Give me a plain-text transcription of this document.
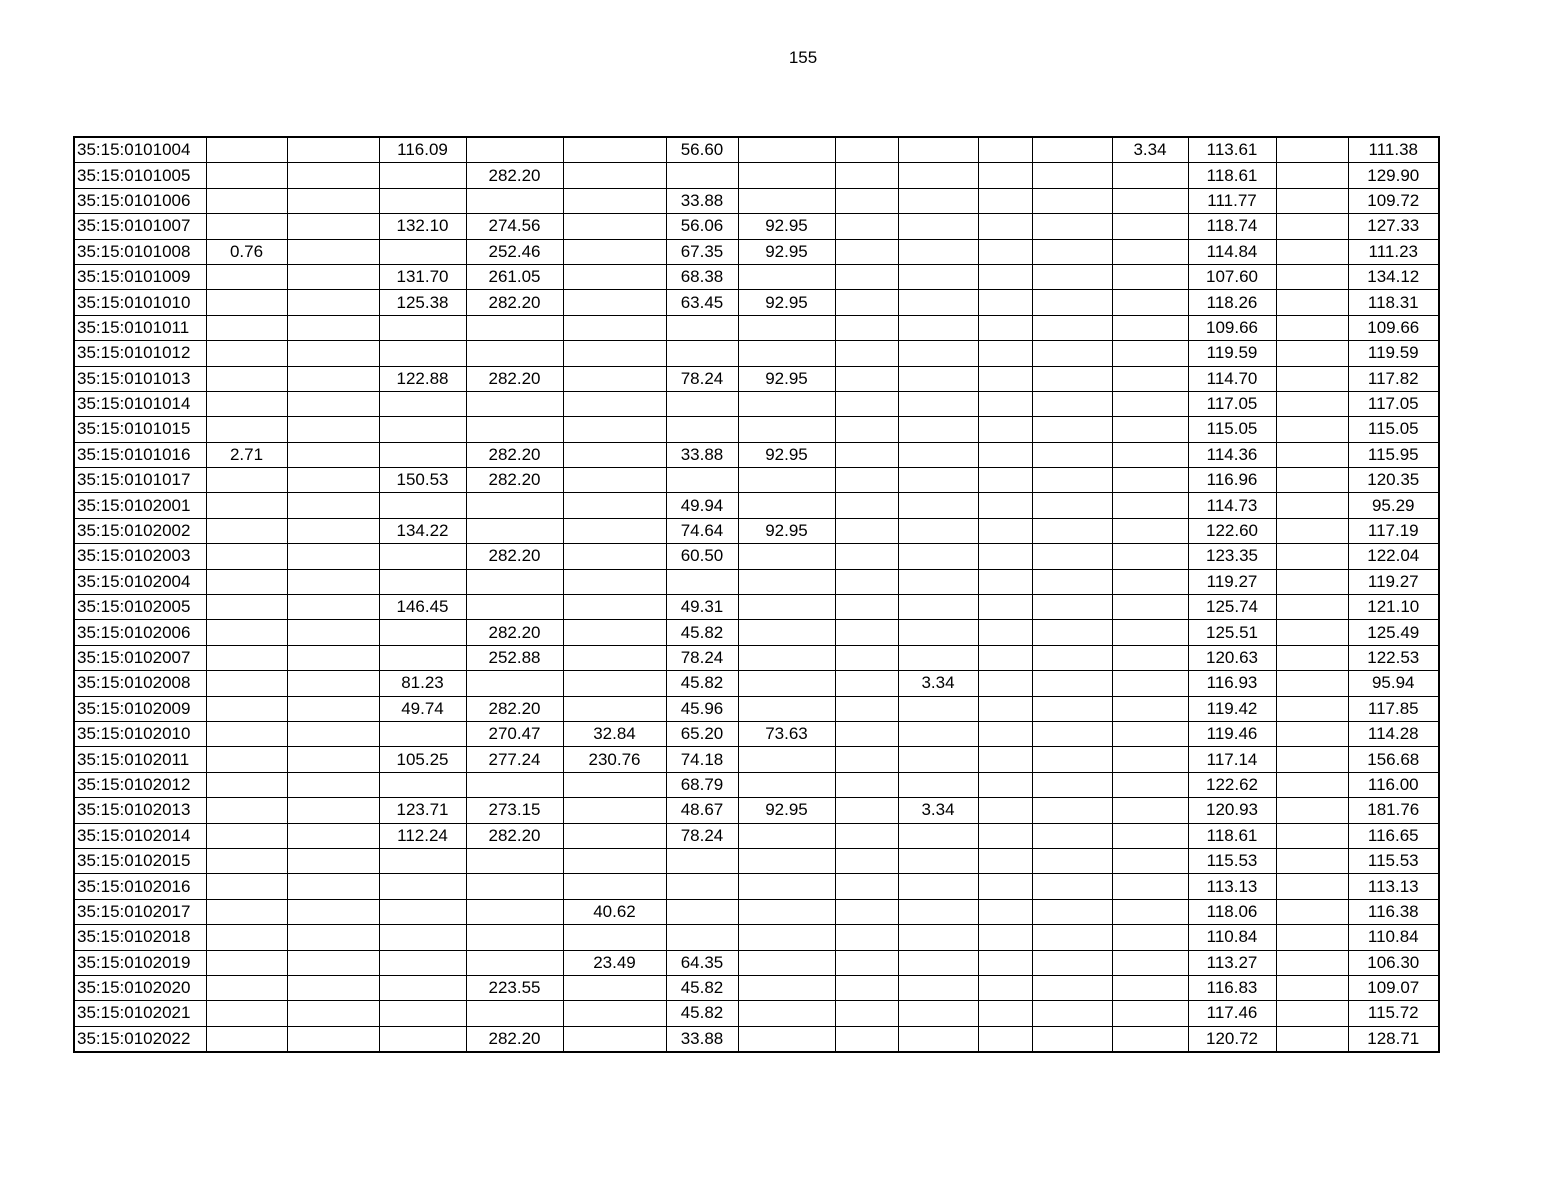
155
35:15:0101004			116.09			56.60						3.34	113.61		111.38
35:15:0101005				282.20									118.61		129.90
35:15:0101006						33.88							111.77		109.72
35:15:0101007			132.10	274.56		56.06	92.95						118.74		127.33
35:15:0101008	0.76			252.46		67.35	92.95						114.84		111.23
35:15:0101009			131.70	261.05		68.38							107.60		134.12
35:15:0101010			125.38	282.20		63.45	92.95						118.26		118.31
35:15:0101011													109.66		109.66
35:15:0101012													119.59		119.59
35:15:0101013			122.88	282.20		78.24	92.95						114.70		117.82
35:15:0101014													117.05		117.05
35:15:0101015													115.05		115.05
35:15:0101016	2.71			282.20		33.88	92.95						114.36		115.95
35:15:0101017			150.53	282.20									116.96		120.35
35:15:0102001						49.94							114.73		95.29
35:15:0102002			134.22			74.64	92.95						122.60		117.19
35:15:0102003				282.20		60.50							123.35		122.04
35:15:0102004													119.27		119.27
35:15:0102005			146.45			49.31							125.74		121.10
35:15:0102006				282.20		45.82							125.51		125.49
35:15:0102007				252.88		78.24							120.63		122.53
35:15:0102008			81.23			45.82			3.34				116.93		95.94
35:15:0102009			49.74	282.20		45.96							119.42		117.85
35:15:0102010				270.47	32.84	65.20	73.63						119.46		114.28
35:15:0102011			105.25	277.24	230.76	74.18							117.14		156.68
35:15:0102012						68.79							122.62		116.00
35:15:0102013			123.71	273.15		48.67	92.95		3.34				120.93		181.76
35:15:0102014			112.24	282.20		78.24							118.61		116.65
35:15:0102015													115.53		115.53
35:15:0102016													113.13		113.13
35:15:0102017					40.62								118.06		116.38
35:15:0102018													110.84		110.84
35:15:0102019					23.49	64.35							113.27		106.30
35:15:0102020				223.55		45.82							116.83		109.07
35:15:0102021						45.82							117.46		115.72
35:15:0102022				282.20		33.88							120.72		128.71
